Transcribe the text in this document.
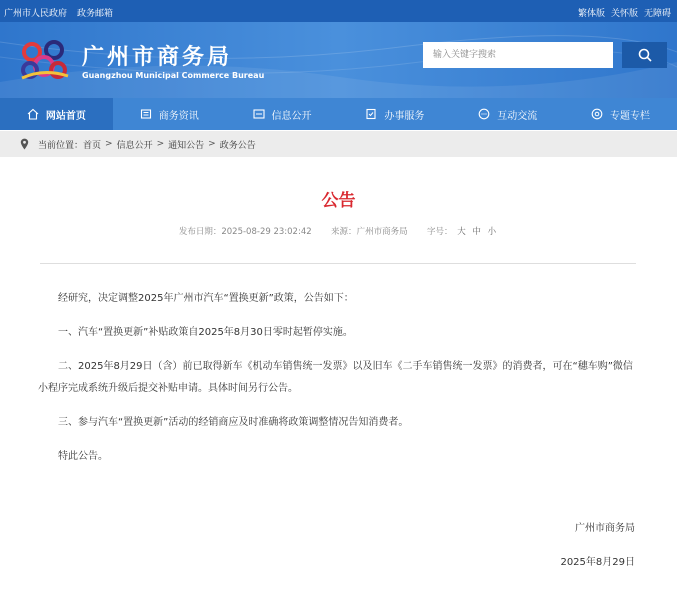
广州市人民政府 政务邮箱	繁体版 关怀版 无障碍
广州市商务局
Guangzhou Municipal Commerce Bureau
输入关键字搜索
网站首页	商务资讯	信息公开	办事服务	互动交流	专题专栏
当前位置： 首页 > 信息公开 > 通知公告 > 政务公告
公告
发布日期：2025-08-29 23:02:42 来源：广州市商务局 字号： 大 中 小

经研究，决定调整2025年广州市汽车“置换更新”政策，公告如下：

一、汽车“置换更新”补贴政策自2025年8月30日零时起暂停实施。

二、2025年8月29日（含）前已取得新车《机动车销售统一发票》以及旧车《二手车销售统一发票》的消费者，可在“穗车购”微信小程序完成系统升级后提交补贴申请。具体时间另行公告。

三、参与汽车“置换更新”活动的经销商应及时准确将政策调整情况告知消费者。

特此公告。

广州市商务局
2025年8月29日
